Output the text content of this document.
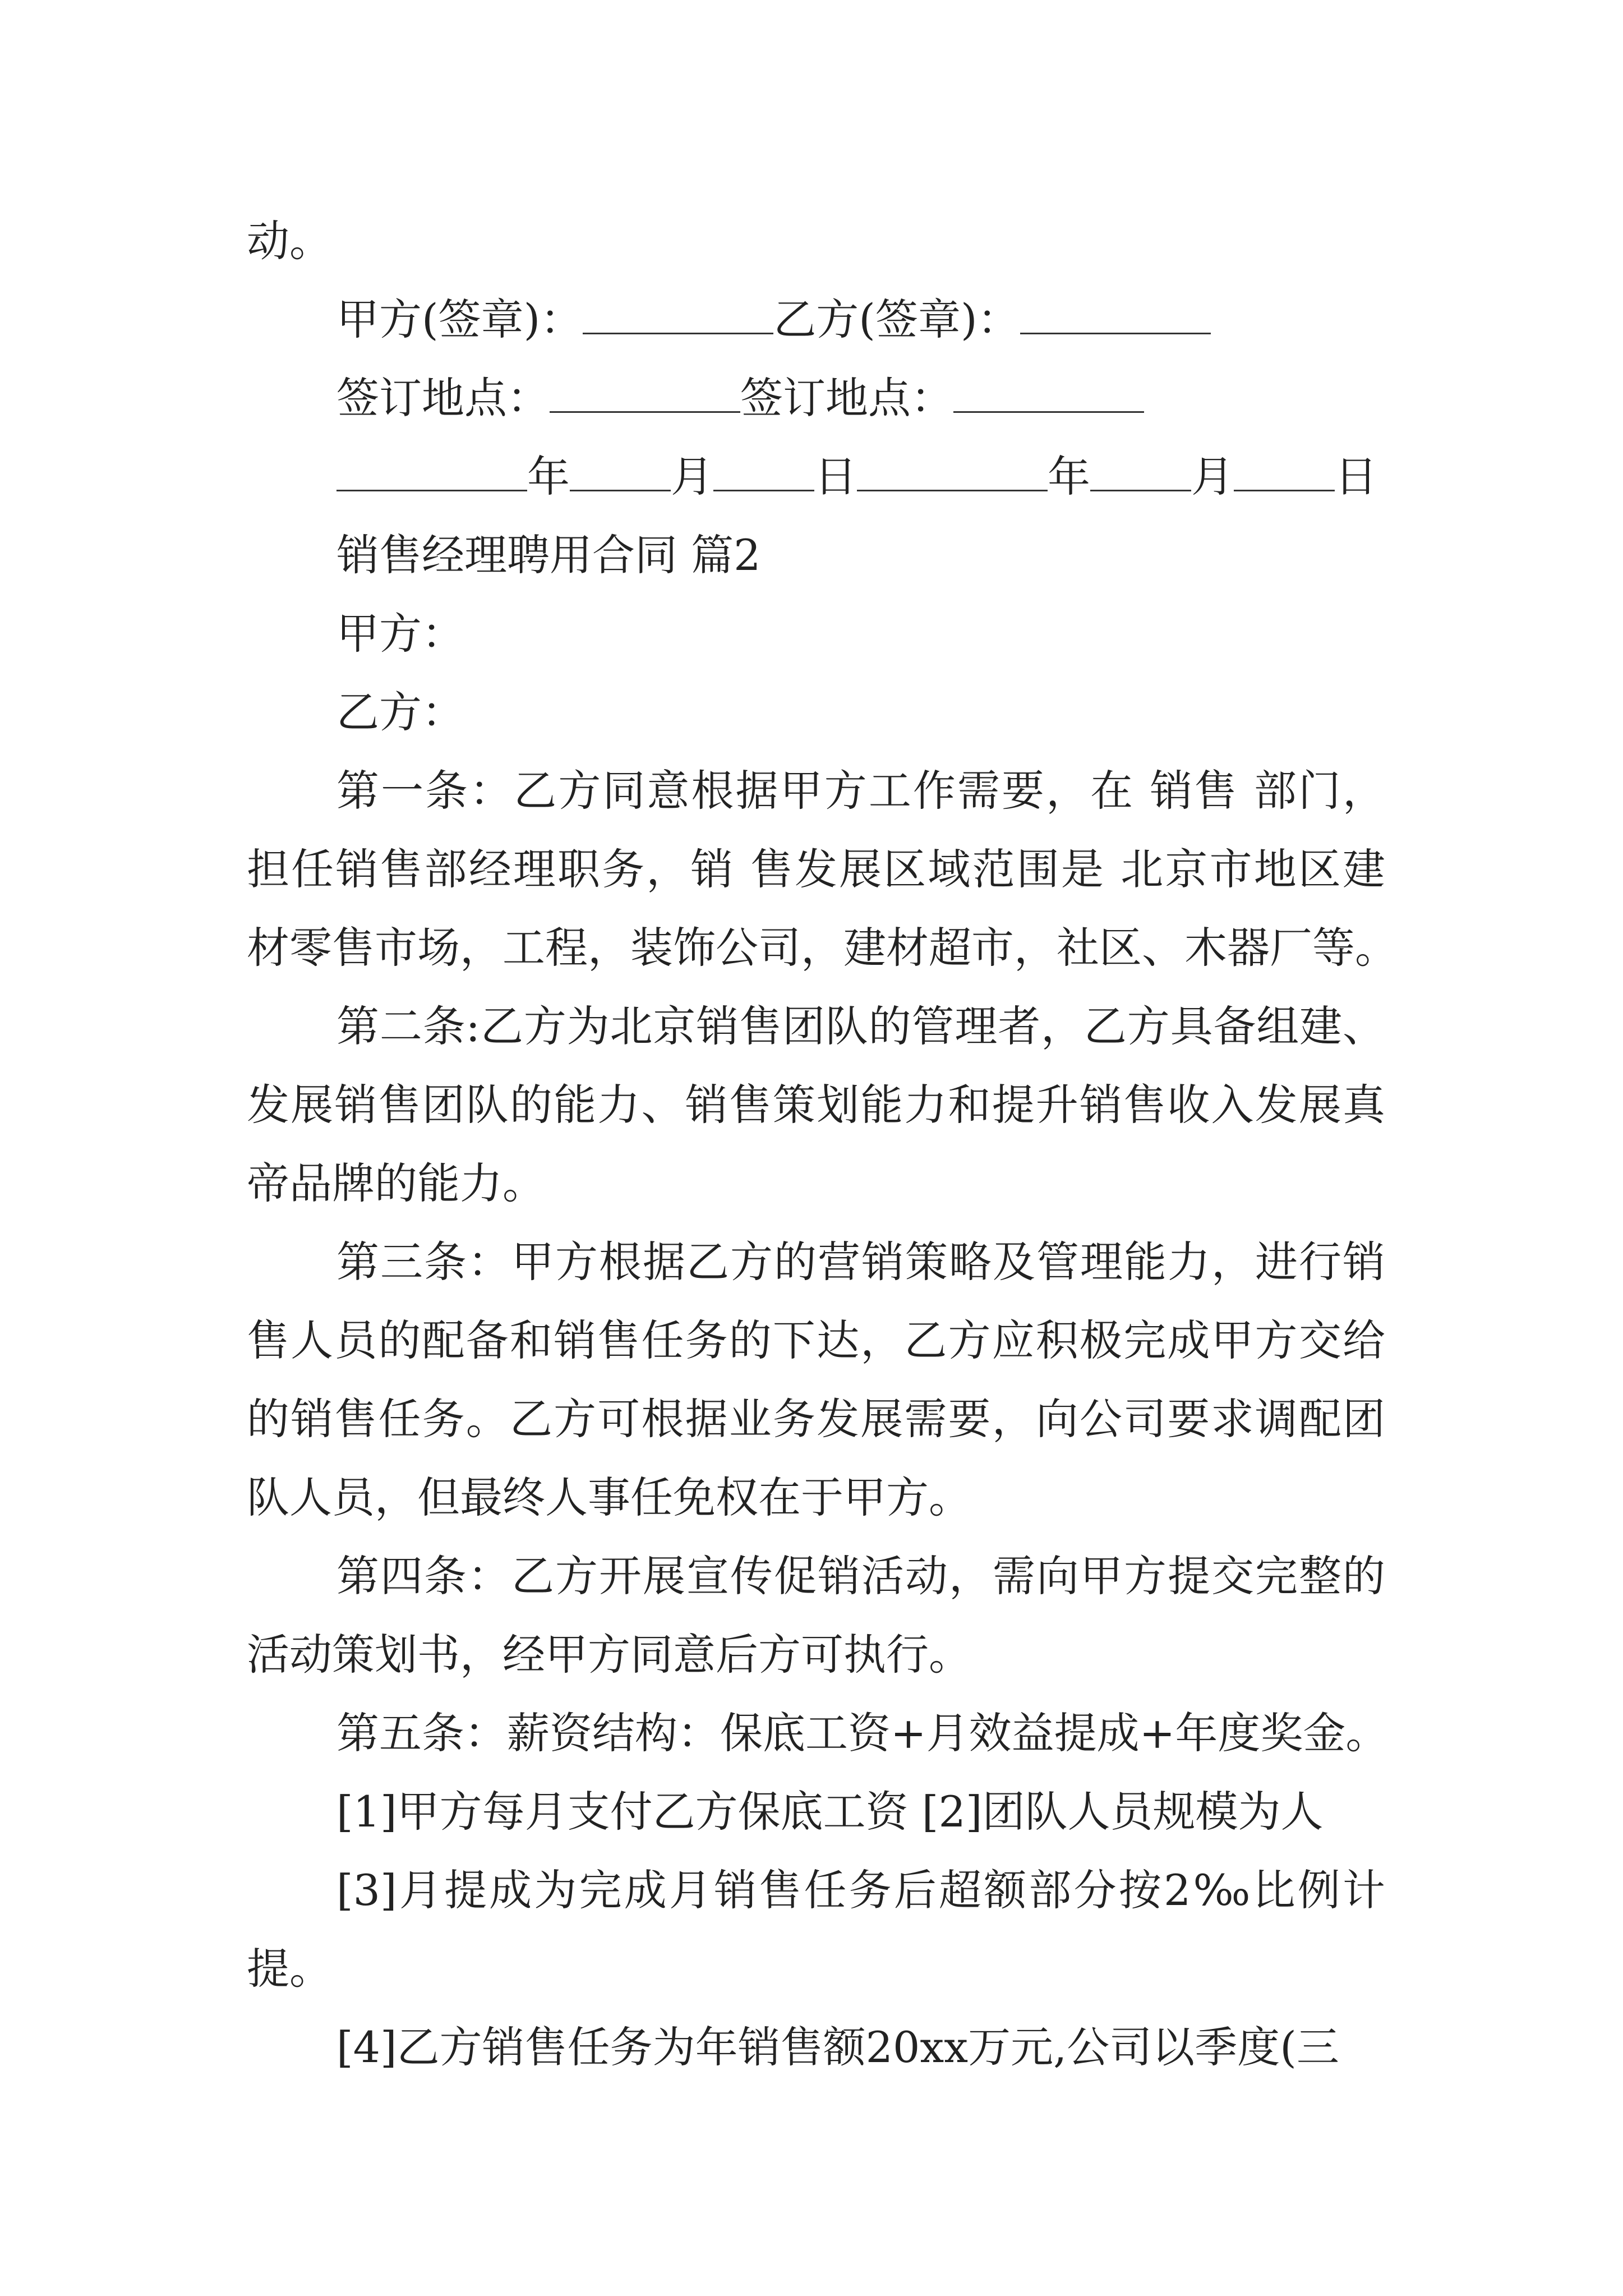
动。
甲方(签章)：	乙方(签章)：
签订地点：	签订地点：
年 月 日	年 月 日
销售经理聘用合同 篇2
甲方：
乙方：
第一条：乙方同意根据甲方工作需要，在 销售 部门，
担任销售部经理职务，销 售发展区域范围是 北京市地区建
材零售市场，工程，装饰公司，建材超市，社区、木器厂等。
第二条:乙方为北京销售团队的管理者，乙方具备组建、
发展销售团队的能力、销售策划能力和提升销售收入发展真
帝品牌的能力。
第三条：甲方根据乙方的营销策略及管理能力，进行销
售人员的配备和销售任务的下达，乙方应积极完成甲方交给
的销售任务。乙方可根据业务发展需要，向公司要求调配团
队人员，但最终人事任免权在于甲方。
第四条：乙方开展宣传促销活动，需向甲方提交完整的
活动策划书，经甲方同意后方可执行。
第五条：薪资结构：保底工资+月效益提成+年度奖金。
[1]甲方每月支付乙方保底工资 [2]团队人员规模为人
[3]月提成为完成月销售任务后超额部分按2‰比例计
提。
[4]乙方销售任务为年销售额20xx万元,公司以季度(三
